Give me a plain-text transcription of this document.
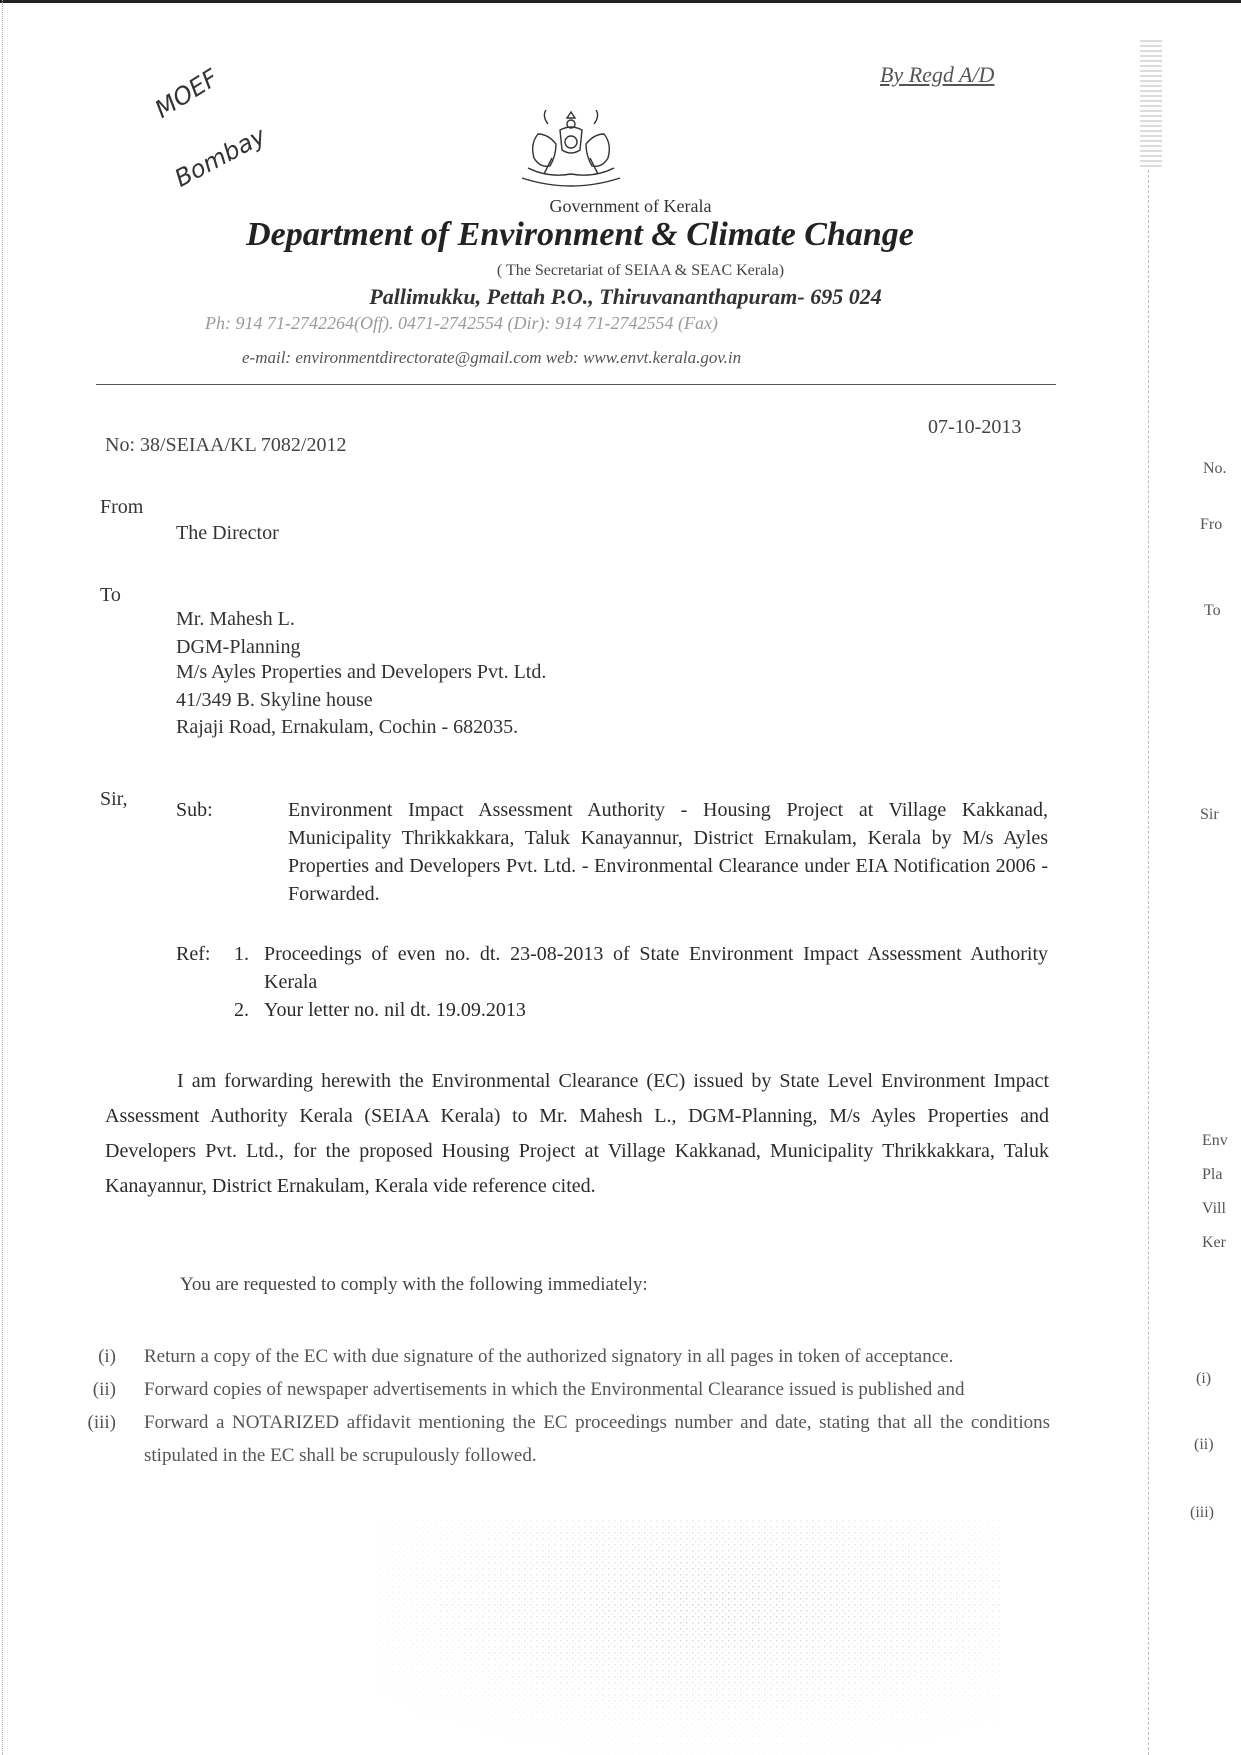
By Regd A/D
MOEF
Bombay
Government of Kerala
Department of Environment & Climate Change
( The Secretariat of SEIAA & SEAC Kerala)
Pallimukku, Pettah P.O., Thiruvananthapuram- 695 024
Ph: 914 71-2742264(Off). 0471-2742554 (Dir): 914 71-2742554 (Fax)
e-mail: environmentdirectorate@gmail.com web: www.envt.kerala.gov.in
No: 38/SEIAA/KL 7082/2012
07-10-2013
From
The Director
To
Mr. Mahesh L.
DGM-Planning
M/s Ayles Properties and Developers Pvt. Ltd.
41/349 B. Skyline house
Rajaji Road, Ernakulam, Cochin - 682035.
Sir, Sub:	Environment Impact Assessment Authority - Housing Project at Village Kakkanad, Municipality Thrikkakkara, Taluk Kanayannur, District Ernakulam, Kerala by M/s Ayles Properties and Developers Pvt. Ltd. - Environmental Clearance under EIA Notification 2006 - Forwarded.
Ref: 1. Proceedings of even no. dt. 23-08-2013 of State Environment Impact Assessment Authority Kerala
2. Your letter no. nil dt. 19.09.2013
I am forwarding herewith the Environmental Clearance (EC) issued by State Level Environment Impact Assessment Authority Kerala (SEIAA Kerala) to Mr. Mahesh L., DGM-Planning, M/s Ayles Properties and Developers Pvt. Ltd., for the proposed Housing Project at Village Kakkanad, Municipality Thrikkakkara, Taluk Kanayannur, District Ernakulam, Kerala vide reference cited.
You are requested to comply with the following immediately:
(i) Return a copy of the EC with due signature of the authorized signatory in all pages in token of acceptance.
(ii) Forward copies of newspaper advertisements in which the Environmental Clearance issued is published and
(iii) Forward a NOTARIZED affidavit mentioning the EC proceedings number and date, stating that all the conditions stipulated in the EC shall be scrupulously followed.
No.
Fro
To
Sir
Env
Pla
Vill
Ker
(i)
(ii)
(iii)
